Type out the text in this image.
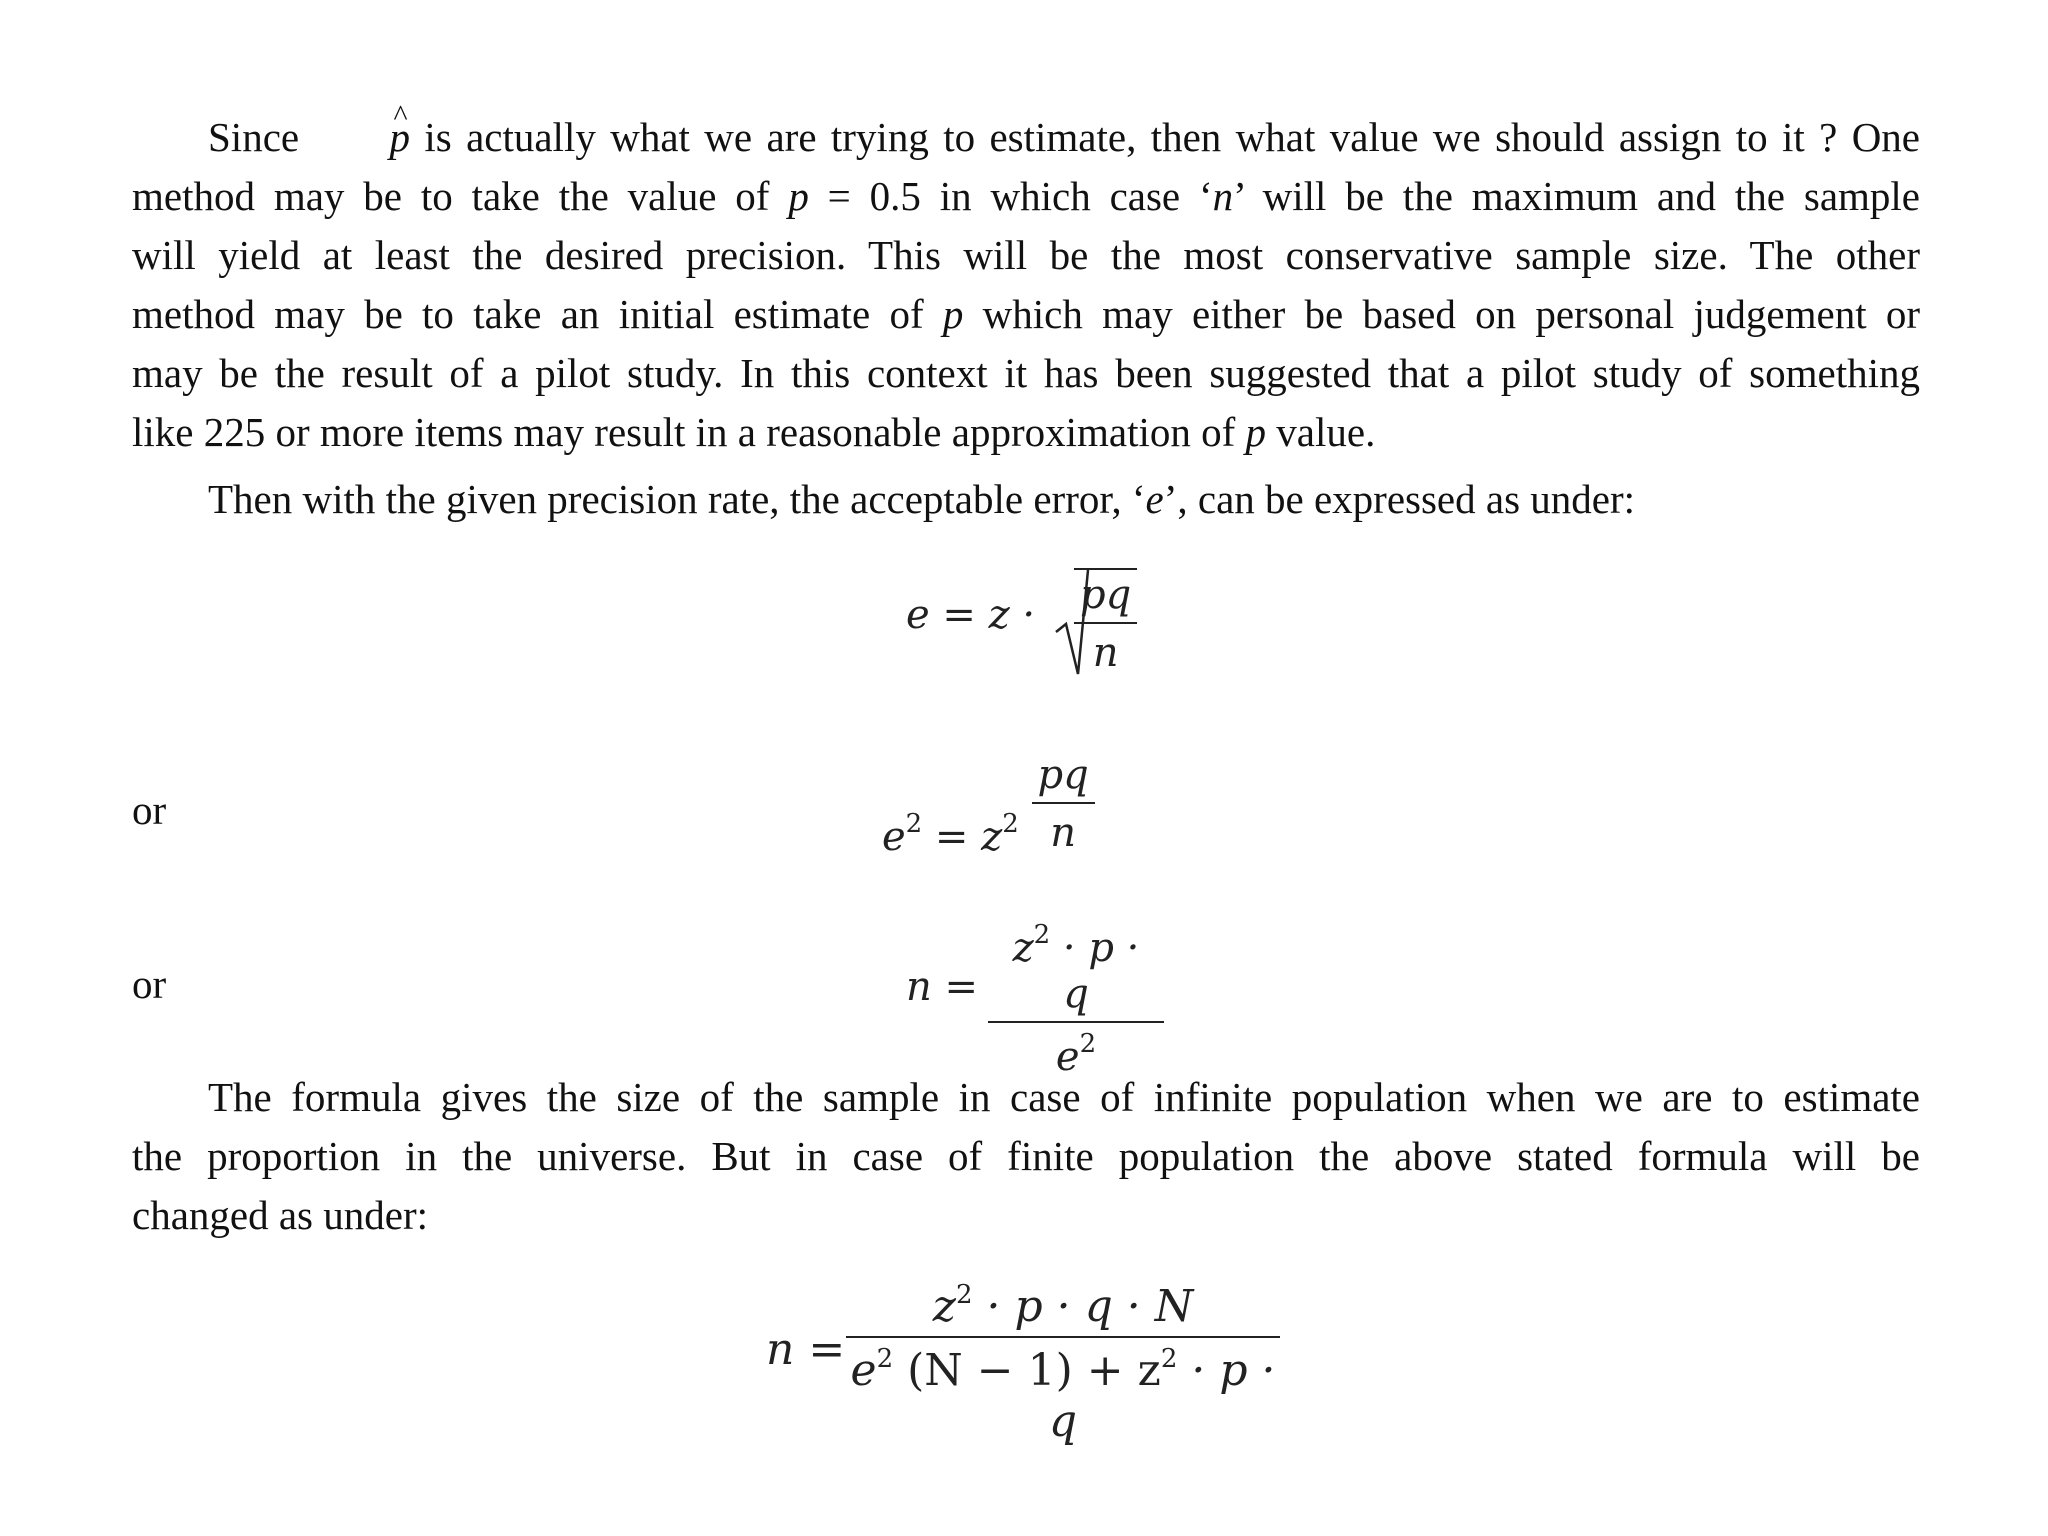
Since ^ p is actually what we are trying to estimate, then what value we should assign to it ? One
method may be to take the value of p = 0.5 in which case ‘n’ will be the maximum and the sample
will yield at least the desired precision. This will be the most conservative sample size. The other
method may be to take an initial estimate of p which may either be based on personal judgement or
may be the result of a pilot study. In this context it has been suggested that a pilot study of something
like 225 or more items may result in a reasonable approximation of p value.
Then with the given precision rate, the acceptable error, ‘e’, can be expressed as under:
$e = z \cdot \frac{pq}{n}$
or
or
$e^2 = z^2 \frac{pq}{n}$
$n = \frac{z^2 \cdot p \cdot q}{e^2}$
The formula gives the size of the sample in case of infinite population when we are to estimate
the proportion in the universe. But in case of finite population the above stated formula will be
changed as under:
$n = \frac{z^2 \cdot p \cdot q \cdot N}{e^2 (N - 1) + z^2 \cdot p \cdot q}$
